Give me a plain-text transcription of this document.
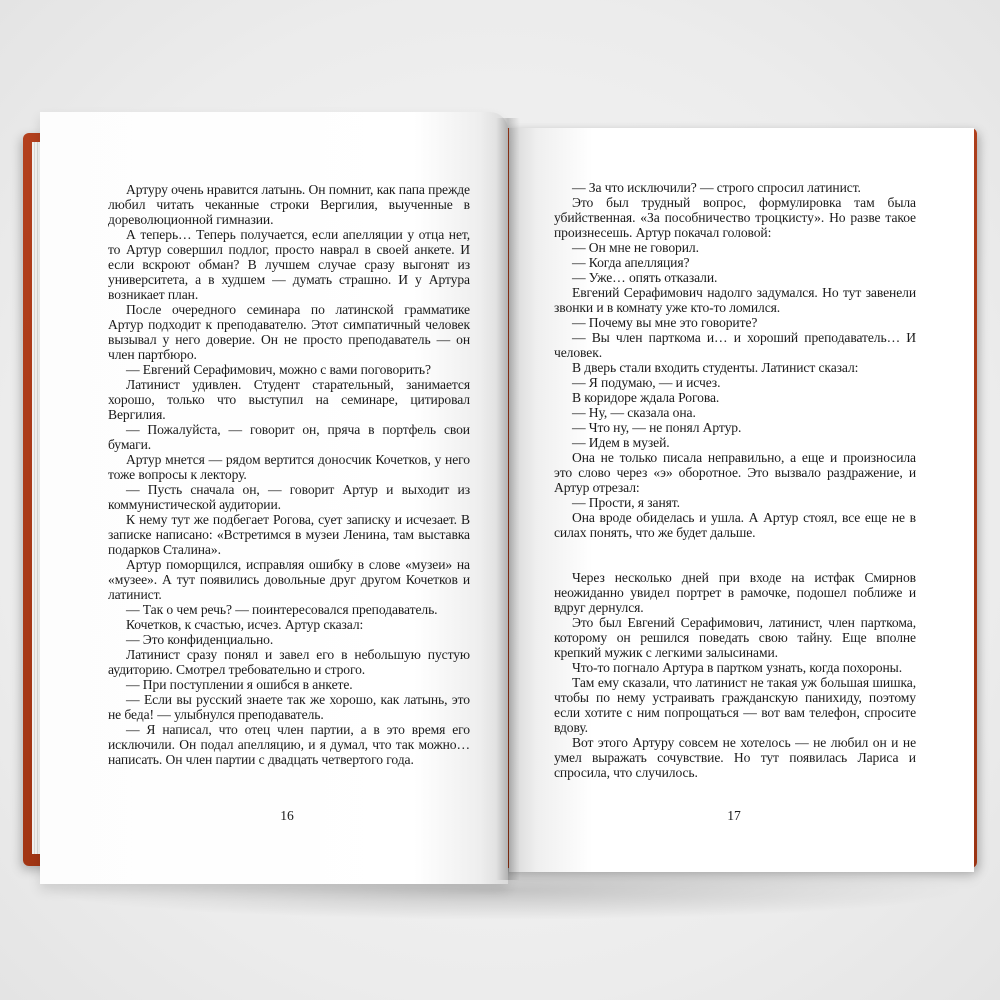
— За что исключили? — строго спросил латинист.

Это был трудный вопрос, формулировка там была убийственная. «За пособничество троцкисту». Но разве такое произнесешь. Артур покачал головой:

— Он мне не говорил.

— Когда апелляция?

— Уже… опять отказали.

Евгений Серафимович надолго задумался. Но тут завенели звонки и в комнату уже кто-то ломился.

— Почему вы мне это говорите?

— Вы член парткома и… и хороший преподаватель… И человек.

В дверь стали входить студенты. Латинист сказал:

— Я подумаю, — и исчез.

В коридоре ждала Рогова.

— Ну, — сказала она.

— Что ну, — не понял Артур.

— Идем в музей.

Она не только писала неправильно, а еще и произносила это слово через «э» оборотное. Это вызвало раздражение, и Артур отрезал:

— Прости, я занят.

Она вроде обиделась и ушла. А Артур стоял, все еще не в силах понять, что же будет дальше.

Через несколько дней при входе на истфак Смирнов неожиданно увидел портрет в рамочке, подошел поближе и вдруг дернулся.

Это был Евгений Серафимович, латинист, член парткома, которому он решился поведать свою тайну. Еще вполне крепкий мужик с легкими залысинами.

Что-то погнало Артура в партком узнать, когда похороны.

Там ему сказали, что латинист не такая уж большая шишка, чтобы по нему устраивать гражданскую панихиду, поэтому если хотите с ним попрощаться — вот вам телефон, спросите вдову.

Вот этого Артуру совсем не хотелось — не любил он и не умел выражать сочувствие. Но тут появилась Лариса и спросила, что случилось.

17

Артуру очень нравится латынь. Он помнит, как папа прежде любил читать чеканные строки Вергилия, выученные в дореволюционной гимназии.

А теперь… Теперь получается, если апелляции у отца нет, то Артур совершил подлог, просто наврал в своей анкете. И если вскроют обман? В лучшем случае сразу выгонят из университета, а в худшем — думать страшно. И у Артура возникает план.

После очередного семинара по латинской грамматике Артур подходит к преподавателю. Этот симпатичный человек вызывал у него доверие. Он не просто преподаватель — он член партбюро.

— Евгений Серафимович, можно с вами поговорить?

Латинист удивлен. Студент старательный, занимается хорошо, только что выступил на семинаре, цитировал Вергилия.

— Пожалуйста, — говорит он, пряча в портфель свои бумаги.

Артур мнется — рядом вертится доносчик Кочетков, у него тоже вопросы к лектору.

— Пусть сначала он, — говорит Артур и выходит из коммунистической аудитории.

К нему тут же подбегает Рогова, сует записку и исчезает. В записке написано: «Встретимся в музеи Ленина, там выставка подарков Сталина».

Артур поморщился, исправляя ошибку в слове «музеи» на «музее». А тут появились довольные друг другом Кочетков и латинист.

— Так о чем речь? — поинтересовался преподаватель.

Кочетков, к счастью, исчез. Артур сказал:

— Это конфиденциально.

Латинист сразу понял и завел его в небольшую пустую аудиторию. Смотрел требовательно и строго.

— При поступлении я ошибся в анкете.

— Если вы русский знаете так же хорошо, как латынь, это не беда! — улыбнулся преподаватель.

— Я написал, что отец член партии, а в это время его исключили. Он подал апелляцию, и я думал, что так можно… написать. Он член партии с двадцать четвертого года.

16
